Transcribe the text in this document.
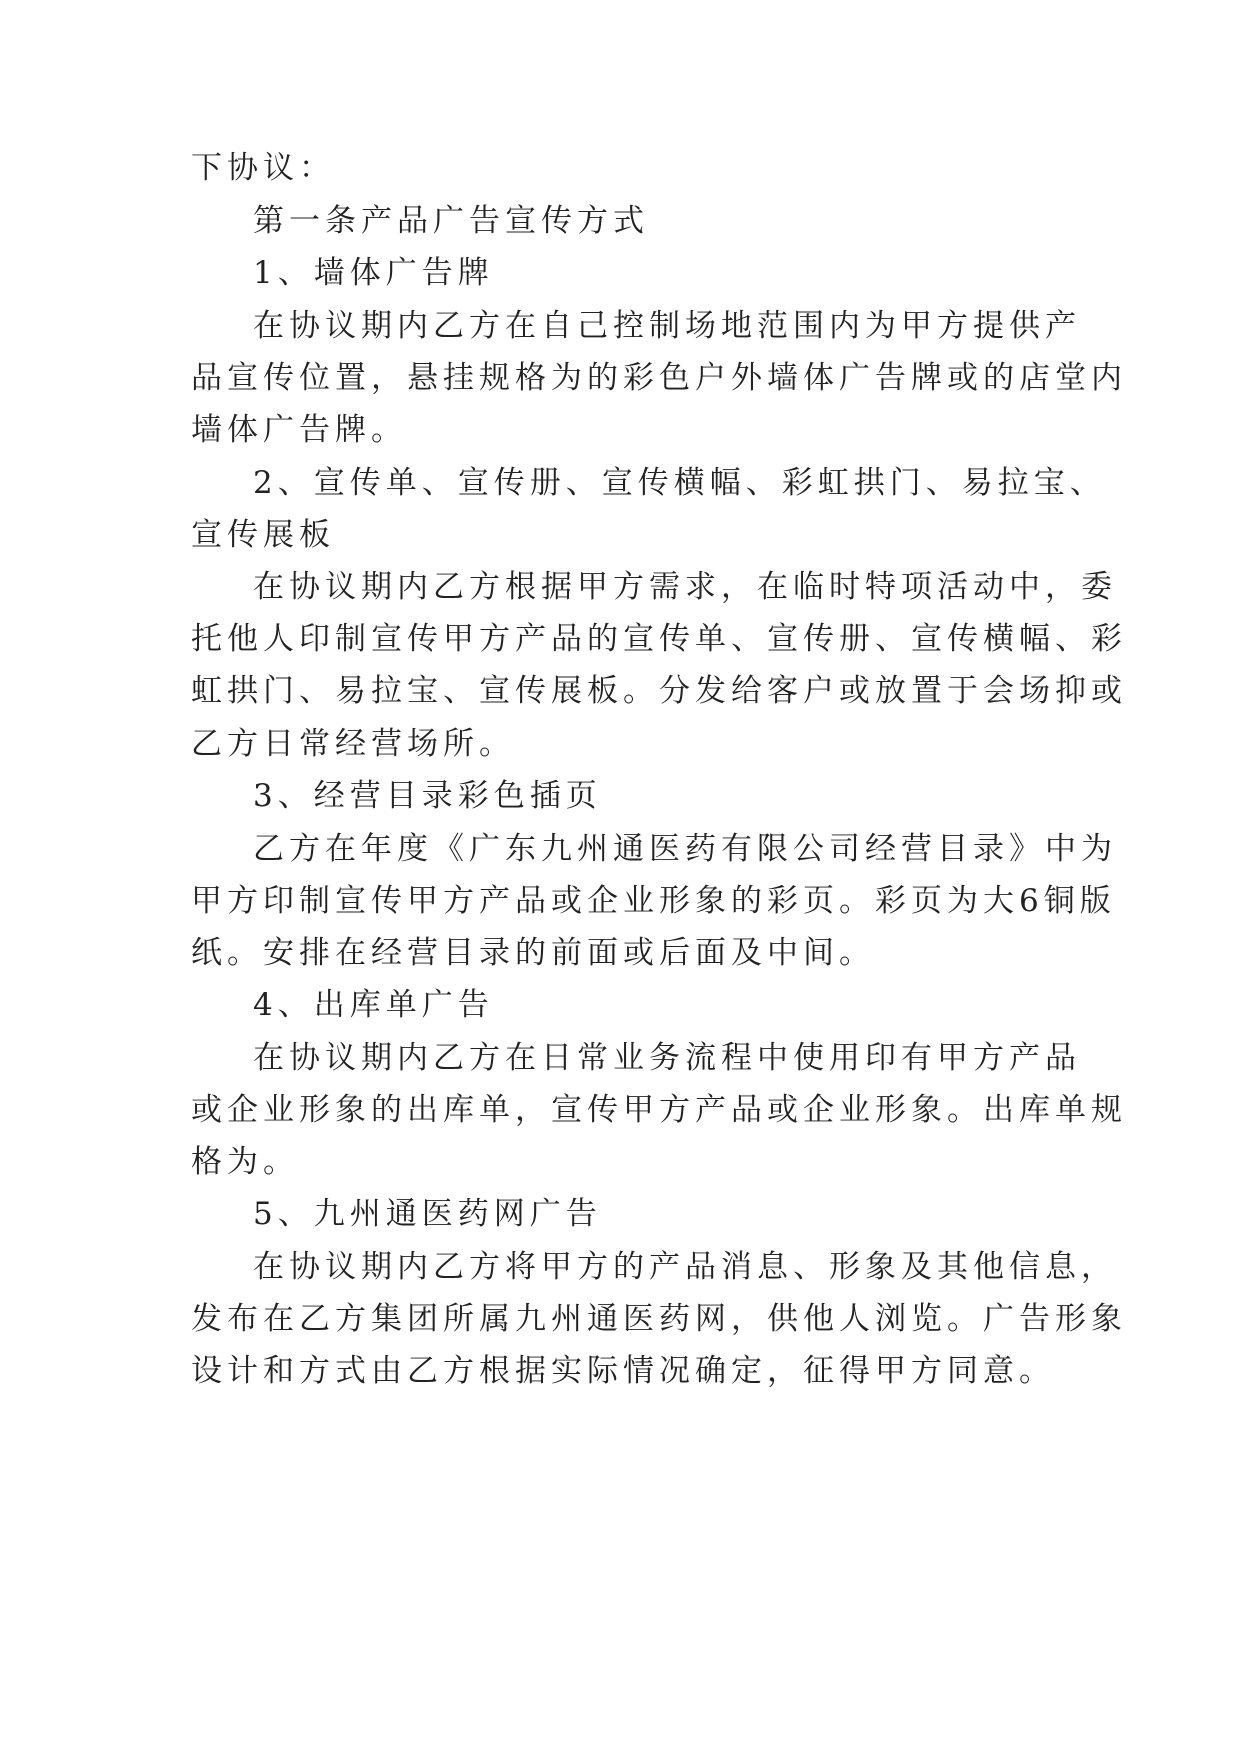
下协议：
第一条产品广告宣传方式
1、墙体广告牌
在协议期内乙方在自己控制场地范围内为甲方提供产
品宣传位置，悬挂规格为的彩色户外墙体广告牌或的店堂内
墙体广告牌。
2、宣传单、宣传册、宣传横幅、彩虹拱门、易拉宝、
宣传展板
在协议期内乙方根据甲方需求，在临时特项活动中，委
托他人印制宣传甲方产品的宣传单、宣传册、宣传横幅、彩
虹拱门、易拉宝、宣传展板。分发给客户或放置于会场抑或
乙方日常经营场所。
3、经营目录彩色插页
乙方在年度《广东九州通医药有限公司经营目录》中为
甲方印制宣传甲方产品或企业形象的彩页。彩页为大6铜版
纸。安排在经营目录的前面或后面及中间。
4、出库单广告
在协议期内乙方在日常业务流程中使用印有甲方产品
或企业形象的出库单，宣传甲方产品或企业形象。出库单规
格为。
5、九州通医药网广告
在协议期内乙方将甲方的产品消息、形象及其他信息，
发布在乙方集团所属九州通医药网，供他人浏览。广告形象
设计和方式由乙方根据实际情况确定，征得甲方同意。
